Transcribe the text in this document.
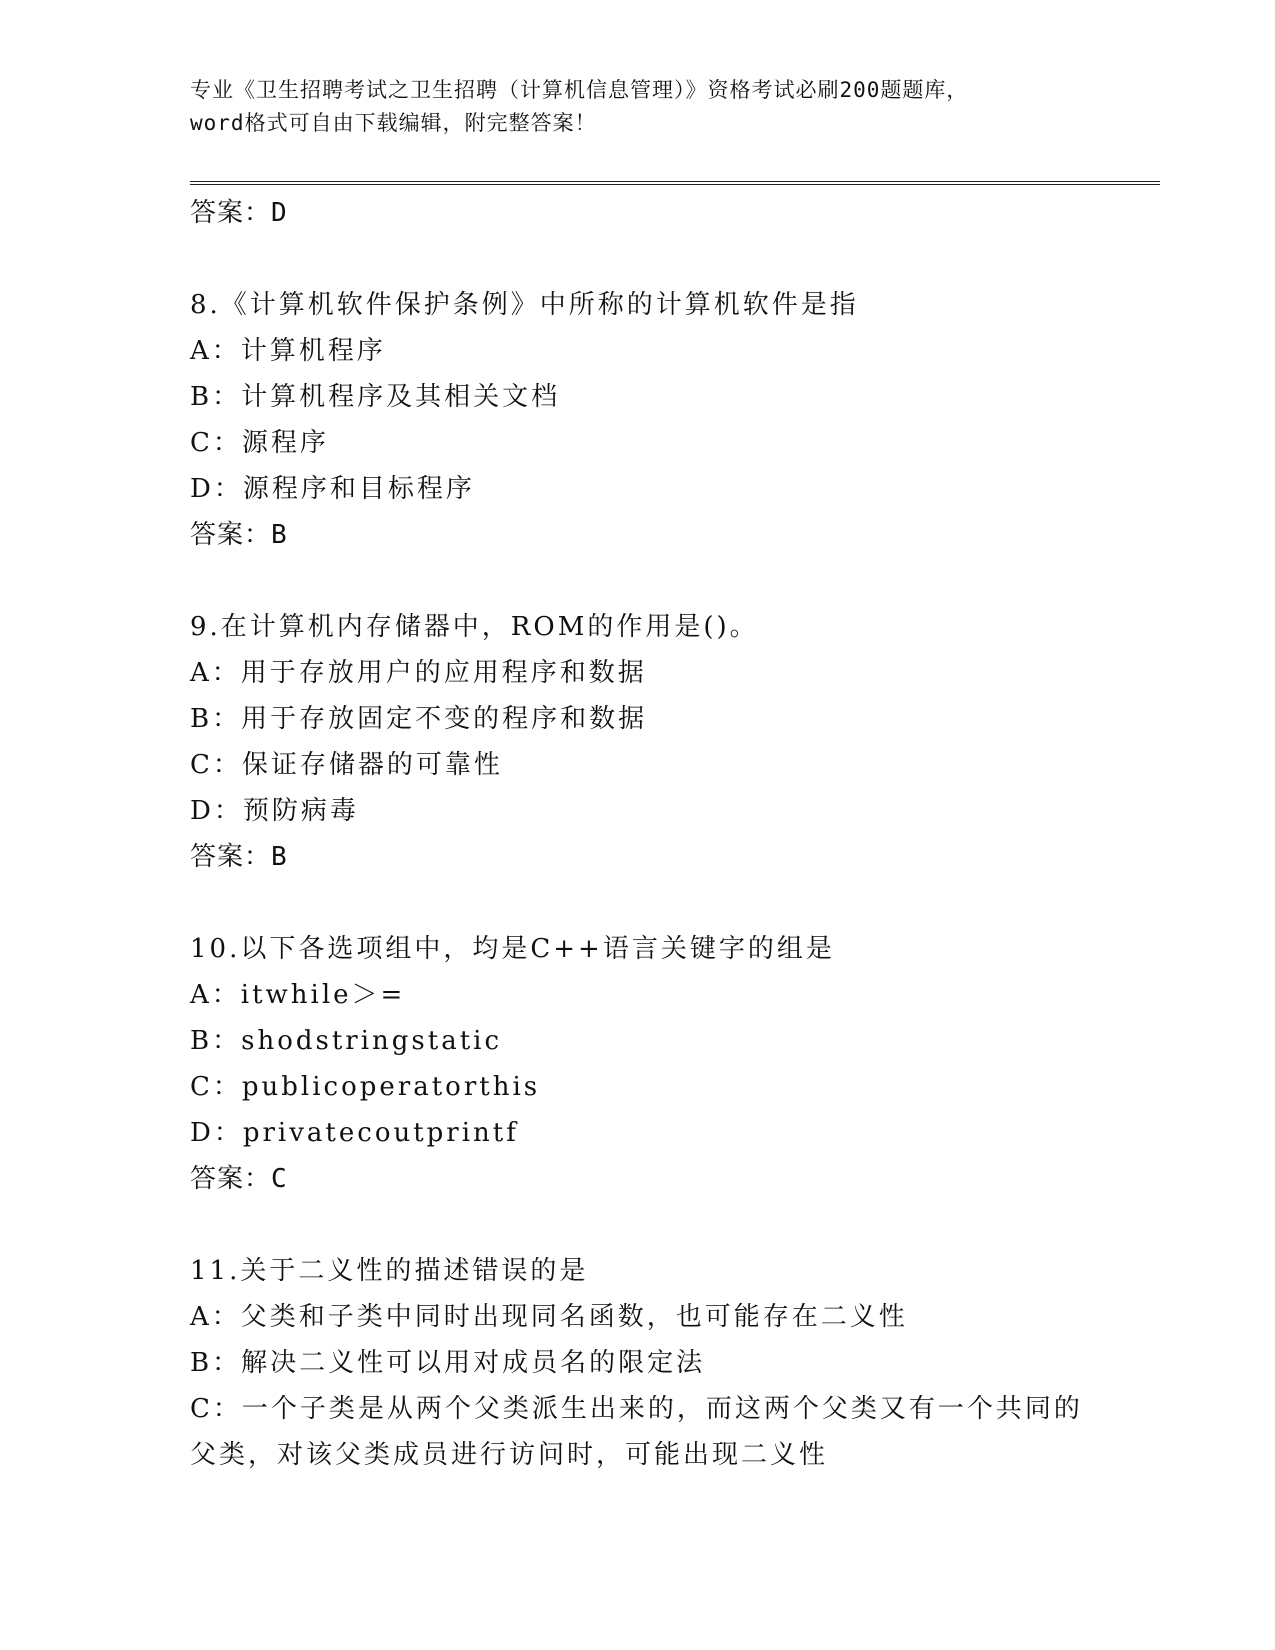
专业《卫生招聘考试之卫生招聘（计算机信息管理）》资格考试必刷200题题库，
word格式可自由下载编辑，附完整答案！
答案：D
8.《计算机软件保护条例》中所称的计算机软件是指
A：计算机程序
B：计算机程序及其相关文档
C：源程序
D：源程序和目标程序
答案：B
9.在计算机内存储器中，ROM的作用是()。
A：用于存放用户的应用程序和数据
B：用于存放固定不变的程序和数据
C：保证存储器的可靠性
D：预防病毒
答案：B
10.以下各选项组中，均是C++语言关键字的组是
A：itwhile＞=
B：shodstringstatic
C：publicoperatorthis
D：privatecoutprintf
答案：C
11.关于二义性的描述错误的是
A：父类和子类中同时出现同名函数，也可能存在二义性
B：解决二义性可以用对成员名的限定法
C：一个子类是从两个父类派生出来的，而这两个父类又有一个共同的父类，对该父类成员进行访问时，可能出现二义性
